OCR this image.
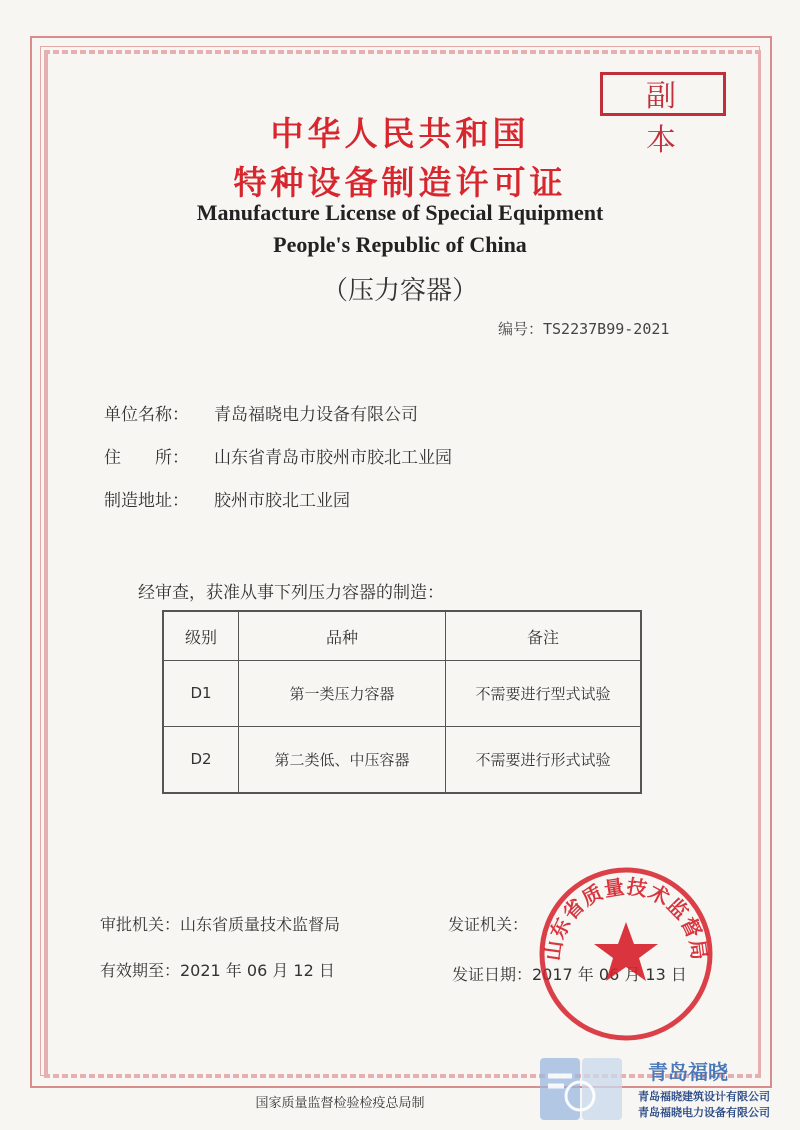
副本
中华人民共和国
特种设备制造许可证
Manufacture License of Special Equipment
People's Republic of China
（压力容器）
编号：TS2237B99-2021
单位名称： 青岛福晓电力设备有限公司
住　　所： 山东省青岛市胶州市胶北工业园
制造地址： 胶州市胶北工业园
经审查，获准从事下列压力容器的制造：
级别	品种	备注
D1	第一类压力容器	不需要进行型式试验
D2	第二类低、中压容器	不需要进行形式试验
审批机关：山东省质量技术监督局	发证机关：
有效期至：2021 年 06 月 12 日	发证日期：2017 年 06 月 13 日
山东省质量技术监督局
国家质量监督检验检疫总局制
青岛福晓
青岛福晓建筑设计有限公司
青岛福晓电力设备有限公司
